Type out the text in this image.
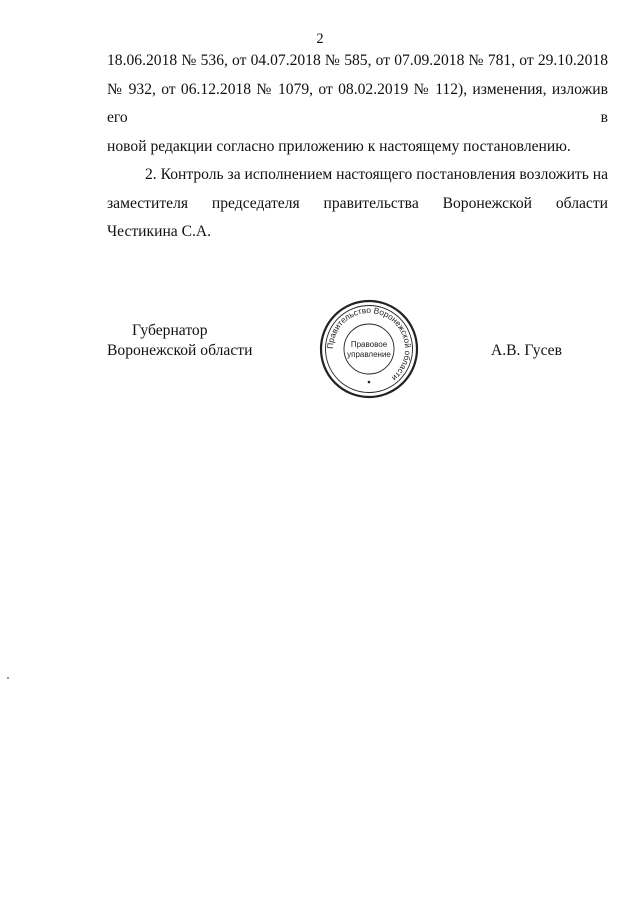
2
18.06.2018 № 536, от 04.07.2018 № 585, от 07.09.2018 № 781, от 29.10.2018
№ 932, от 06.12.2018 № 1079, от 08.02.2019 № 112), изменения, изложив его в
новой редакции согласно приложению к настоящему постановлению.
2. Контроль за исполнением настоящего постановления возложить на
заместителя председателя правительства Воронежской области
Честикина С.А.
Губернатор
Воронежской области	А.В. Гусев
Правительство Воронежской области
Правовое
управление
